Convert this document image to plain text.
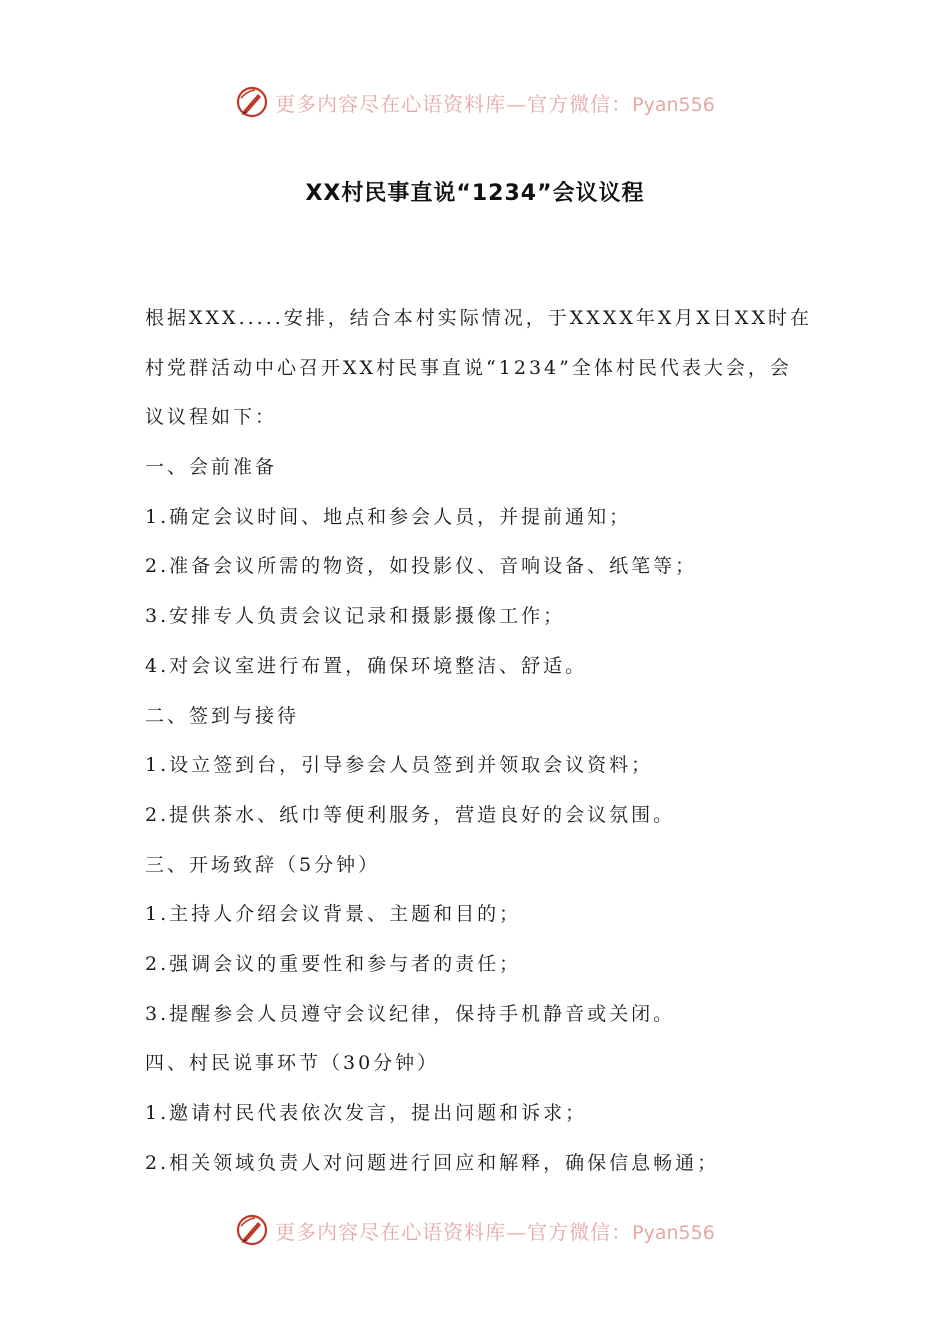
更多内容尽在心语资料库—官方微信：Pyan556
XX村民事直说“1234”会议议程

根据XXX.....安排，结合本村实际情况，于XXXX年X月X日XX时在

村党群活动中心召开XX村民事直说“1234”全体村民代表大会，会

议议程如下：

一、会前准备

1.确定会议时间、地点和参会人员，并提前通知；

2.准备会议所需的物资，如投影仪、音响设备、纸笔等；

3.安排专人负责会议记录和摄影摄像工作；

4.对会议室进行布置，确保环境整洁、舒适。

二、签到与接待

1.设立签到台，引导参会人员签到并领取会议资料；

2.提供茶水、纸巾等便利服务，营造良好的会议氛围。

三、开场致辞（5分钟）

1.主持人介绍会议背景、主题和目的；

2.强调会议的重要性和参与者的责任；

3.提醒参会人员遵守会议纪律，保持手机静音或关闭。

四、村民说事环节（30分钟）

1.邀请村民代表依次发言，提出问题和诉求；

2.相关领域负责人对问题进行回应和解释，确保信息畅通；

更多内容尽在心语资料库—官方微信：Pyan556
